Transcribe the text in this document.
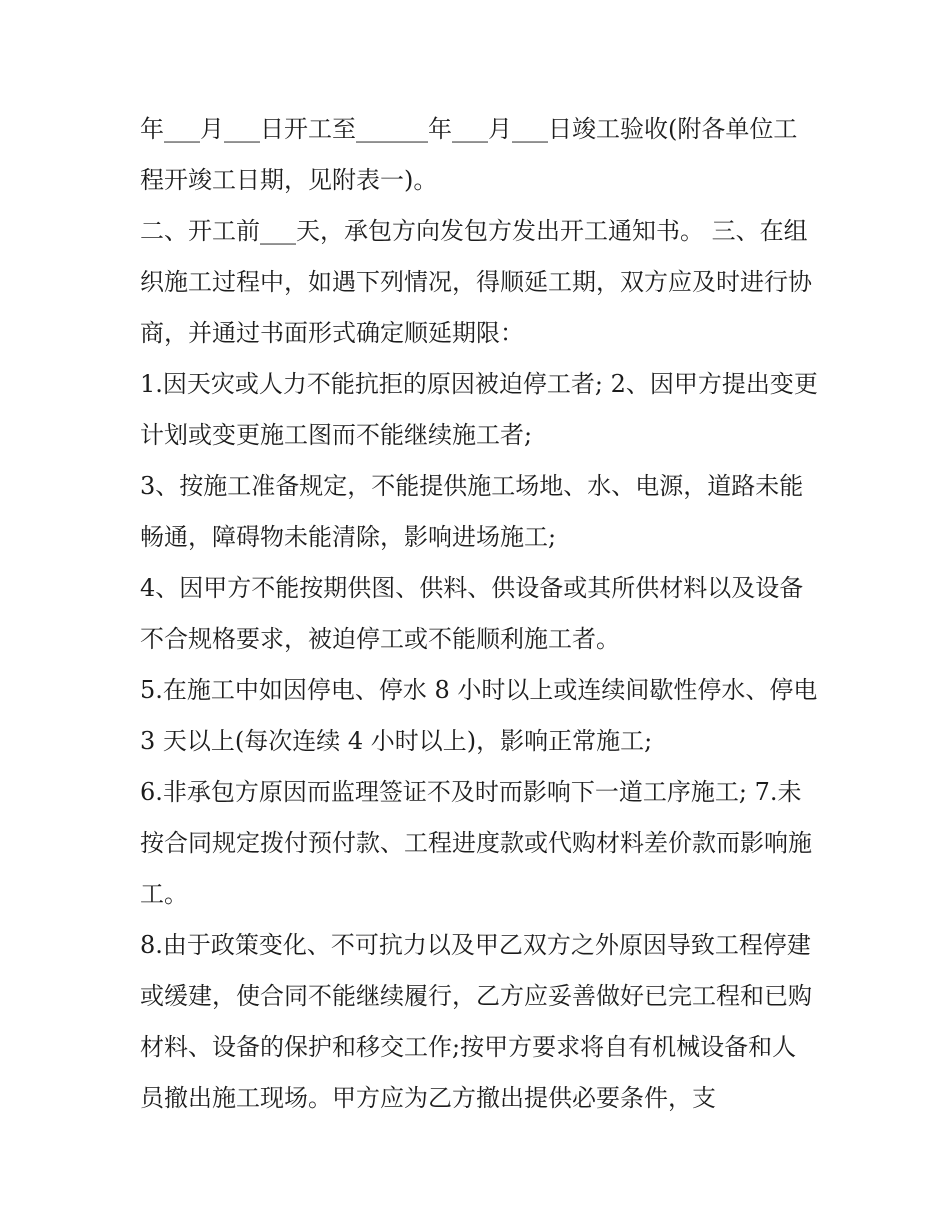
年___月___日开工至______年___月___日竣工验收(附各单位工程开竣工日期，见附表一)。

二、开工前___天，承包方向发包方发出开工通知书。 三、在组织施工过程中，如遇下列情况，得顺延工期，双方应及时进行协商，并通过书面形式确定顺延期限：

1.因天灾或人力不能抗拒的原因被迫停工者; 2、因甲方提出变更计划或变更施工图而不能继续施工者;

3、按施工准备规定，不能提供施工场地、水、电源，道路未能畅通，障碍物未能清除，影响进场施工;

4、因甲方不能按期供图、供料、供设备或其所供材料以及设备不合规格要求，被迫停工或不能顺利施工者。

5.在施工中如因停电、停水 8 小时以上或连续间歇性停水、停电 3 天以上(每次连续 4 小时以上)，影响正常施工;

6.非承包方原因而监理签证不及时而影响下一道工序施工; 7.未按合同规定拨付预付款、工程进度款或代购材料差价款而影响施工。

8.由于政策变化、不可抗力以及甲乙双方之外原因导致工程停建或缓建，使合同不能继续履行，乙方应妥善做好已完工程和已购材料、设备的保护和移交工作;按甲方要求将自有机械设备和人员撤出施工现场。甲方应为乙方撤出提供必要条件，支
